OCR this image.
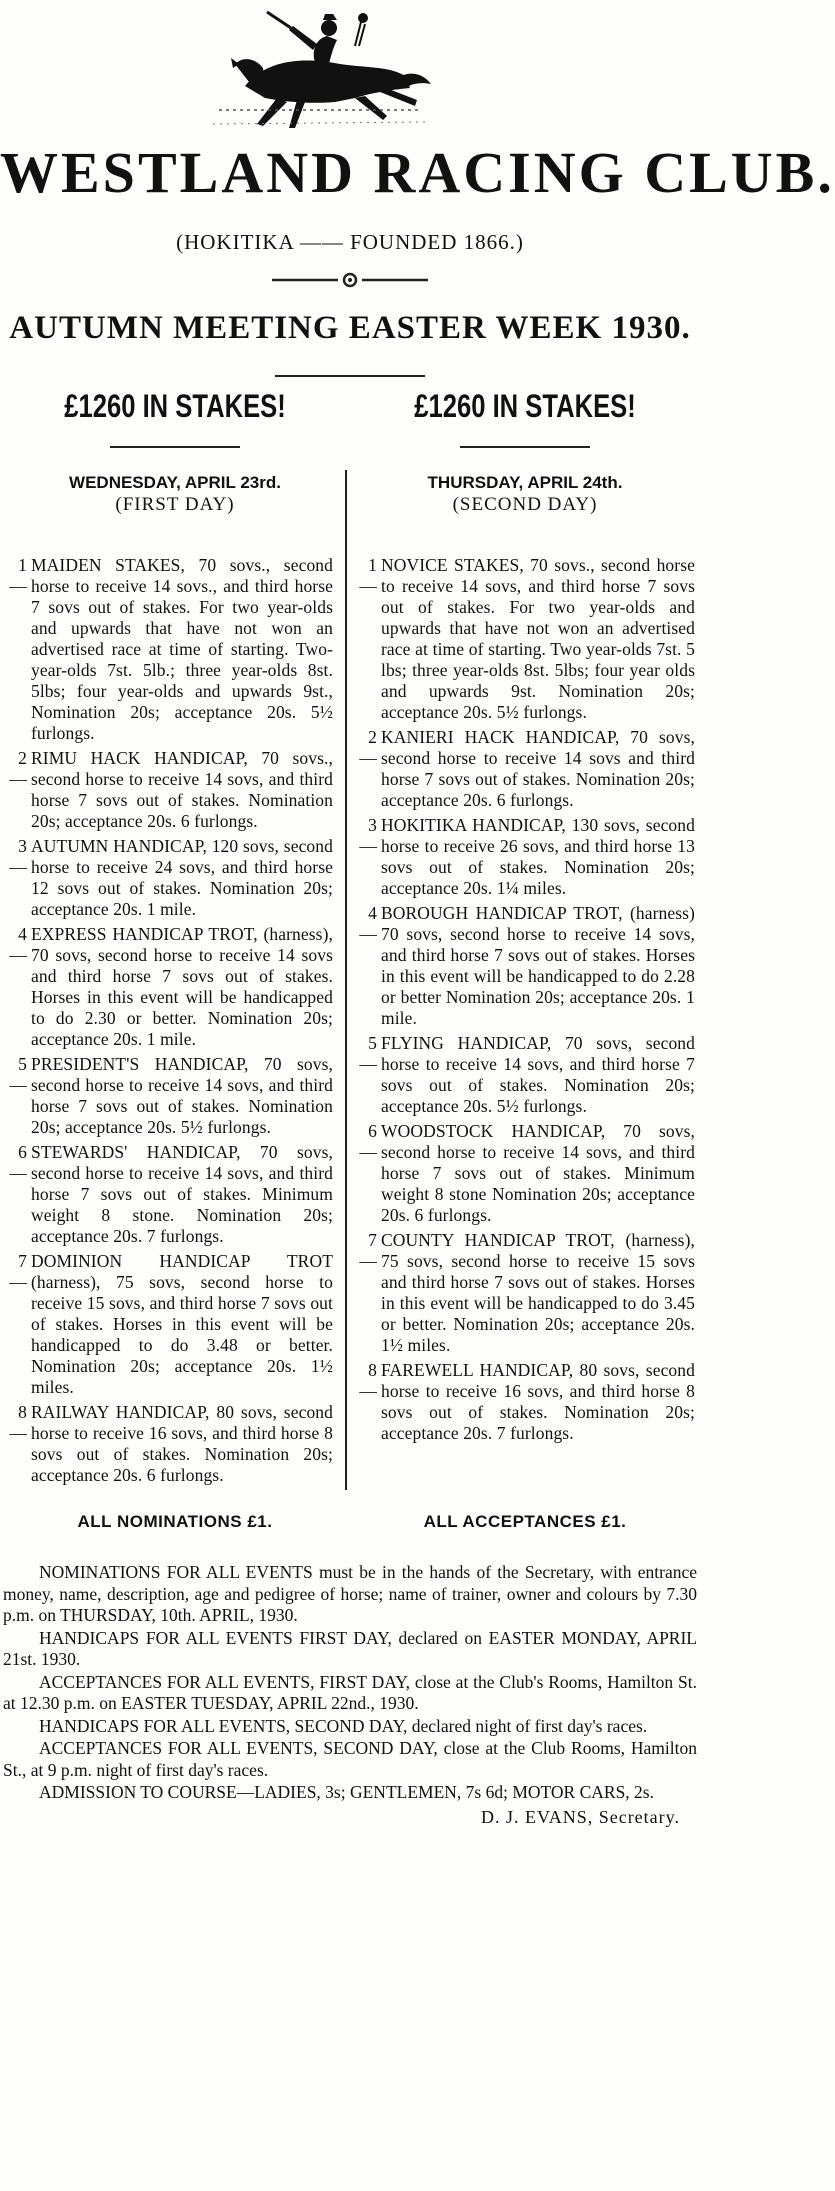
WESTLAND RACING CLUB.
(HOKITIKA —— FOUNDED 1866.)
AUTUMN MEETING EASTER WEEK 1930.
£1260 IN STAKES!	£1260 IN STAKES!
WEDNESDAY, APRIL 23rd.
(FIRST DAY)
THURSDAY, APRIL 24th.
(SECOND DAY)
1—
MAIDEN STAKES, 70 sovs., second horse to receive 14 sovs., and third horse 7 sovs out of stakes. For two year-olds and upwards that have not won an advertised race at time of starting. Two-year-olds 7st. 5lb.; three year-olds 8st. 5lbs; four year-olds and upwards 9st., Nomination 20s; acceptance 20s. 5½ furlongs.
2—
RIMU HACK HANDICAP, 70 sovs., second horse to receive 14 sovs, and third horse 7 sovs out of stakes. Nomination 20s; acceptance 20s. 6 furlongs.
3—
AUTUMN HANDICAP, 120 sovs, second horse to receive 24 sovs, and third horse 12 sovs out of stakes. Nomination 20s; acceptance 20s. 1 mile.
4—
EXPRESS HANDICAP TROT, (harness), 70 sovs, second horse to receive 14 sovs and third horse 7 sovs out of stakes. Horses in this event will be handicapped to do 2.30 or better. Nomination 20s; acceptance 20s. 1 mile.
5—
PRESIDENT'S HANDICAP, 70 sovs, second horse to receive 14 sovs, and third horse 7 sovs out of stakes. Nomination 20s; acceptance 20s. 5½ furlongs.
6—
STEWARDS' HANDICAP, 70 sovs, second horse to receive 14 sovs, and third horse 7 sovs out of stakes. Minimum weight 8 stone. Nomination 20s; acceptance 20s. 7 furlongs.
7—
DOMINION HANDICAP TROT (harness), 75 sovs, second horse to receive 15 sovs, and third horse 7 sovs out of stakes. Horses in this event will be handicapped to do 3.48 or better. Nomination 20s; acceptance 20s. 1½ miles.
8—
RAILWAY HANDICAP, 80 sovs, second horse to receive 16 sovs, and third horse 8 sovs out of stakes. Nomination 20s; acceptance 20s. 6 furlongs.
1—
NOVICE STAKES, 70 sovs., second horse to receive 14 sovs, and third horse 7 sovs out of stakes. For two year-olds and upwards that have not won an advertised race at time of starting. Two year-olds 7st. 5 lbs; three year-olds 8st. 5lbs; four year olds and upwards 9st. Nomination 20s; acceptance 20s. 5½ furlongs.
2—
KANIERI HACK HANDICAP, 70 sovs, second horse to receive 14 sovs and third horse 7 sovs out of stakes. Nomination 20s; acceptance 20s. 6 furlongs.
3—
HOKITIKA HANDICAP, 130 sovs, second horse to receive 26 sovs, and third horse 13 sovs out of stakes. Nomination 20s; acceptance 20s. 1¼ miles.
4—
BOROUGH HANDICAP TROT, (harness) 70 sovs, second horse to receive 14 sovs, and third horse 7 sovs out of stakes. Horses in this event will be handicapped to do 2.28 or better Nomination 20s; acceptance 20s. 1 mile.
5—
FLYING HANDICAP, 70 sovs, second horse to receive 14 sovs, and third horse 7 sovs out of stakes. Nomination 20s; acceptance 20s. 5½ furlongs.
6—
WOODSTOCK HANDICAP, 70 sovs, second horse to receive 14 sovs, and third horse 7 sovs out of stakes. Minimum weight 8 stone Nomination 20s; acceptance 20s. 6 furlongs.
7—
COUNTY HANDICAP TROT, (harness), 75 sovs, second horse to receive 15 sovs and third horse 7 sovs out of stakes. Horses in this event will be handicapped to do 3.45 or better. Nomination 20s; acceptance 20s. 1½ miles.
8—
FAREWELL HANDICAP, 80 sovs, second horse to receive 16 sovs, and third horse 8 sovs out of stakes. Nomination 20s; acceptance 20s. 7 furlongs.
ALL NOMINATIONS £1.	ALL ACCEPTANCES £1.
NOMINATIONS FOR ALL EVENTS must be in the hands of the Secretary, with entrance money, name, description, age and pedigree of horse; name of trainer, owner and colours by 7.30 p.m. on THURSDAY, 10th. APRIL, 1930.
HANDICAPS FOR ALL EVENTS FIRST DAY, declared on EASTER MONDAY, APRIL 21st. 1930.
ACCEPTANCES FOR ALL EVENTS, FIRST DAY, close at the Club's Rooms, Hamilton St. at 12.30 p.m. on EASTER TUESDAY, APRIL 22nd., 1930.
HANDICAPS FOR ALL EVENTS, SECOND DAY, declared night of first day's races.
ACCEPTANCES FOR ALL EVENTS, SECOND DAY, close at the Club Rooms, Hamilton St., at 9 p.m. night of first day's races.
ADMISSION TO COURSE—LADIES, 3s; GENTLEMEN, 7s 6d; MOTOR CARS, 2s.
D. J. EVANS, Secretary.
